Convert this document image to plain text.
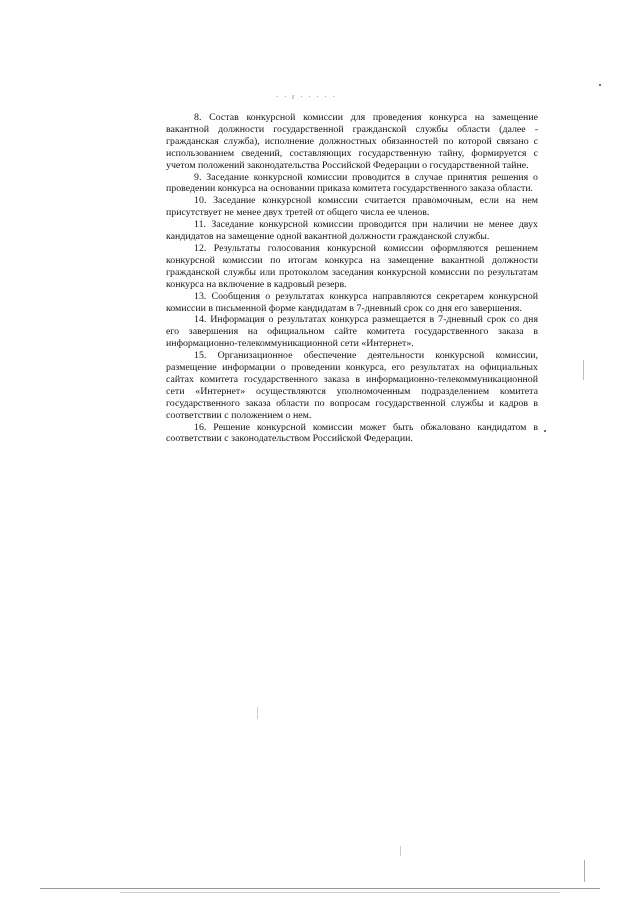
· · r · · · · ·

8. Состав конкурсной комиссии для проведения конкурса на замещение вакантной должности государственной гражданской службы области (далее - гражданская служба), исполнение должностных обязанностей по которой связано с использованием сведений, составляющих государственную тайну, формируется с учетом положений законодательства Российской Федерации о государственной тайне.

9. Заседание конкурсной комиссии проводится в случае принятия решения о проведении конкурса на основании приказа комитета государственного заказа области.

10. Заседание конкурсной комиссии считается правомочным, если на нем присутствует не менее двух третей от общего числа ее членов.

11. Заседание конкурсной комиссии проводится при наличии не менее двух кандидатов на замещение одной вакантной должности гражданской службы.

12. Результаты голосования конкурсной комиссии оформляются решением конкурсной комиссии по итогам конкурса на замещение вакантной должности гражданской службы или протоколом заседания конкурсной комиссии по результатам конкурса на включение в кадровый резерв.

13. Сообщения о результатах конкурса направляются секретарем конкурсной комиссии в письменной форме кандидатам в 7-дневный срок со дня его завершения.

14. Информация о результатах конкурса размещается в 7-дневный срок со дня его завершения на официальном сайте комитета государственного заказа в информационно-телекоммуникационной сети «Интернет».

15. Организационное обеспечение деятельности конкурсной комиссии, размещение информации о проведении конкурса, его результатах на официальных сайтах комитета государственного заказа в информационно-телекоммуникационной сети «Интернет» осуществляются уполномоченным подразделением комитета государственного заказа области по вопросам государственной службы и кадров в соответствии с положением о нем.

16. Решение конкурсной комиссии может быть обжаловано кандидатом в соответствии с законодательством Российской Федерации.
